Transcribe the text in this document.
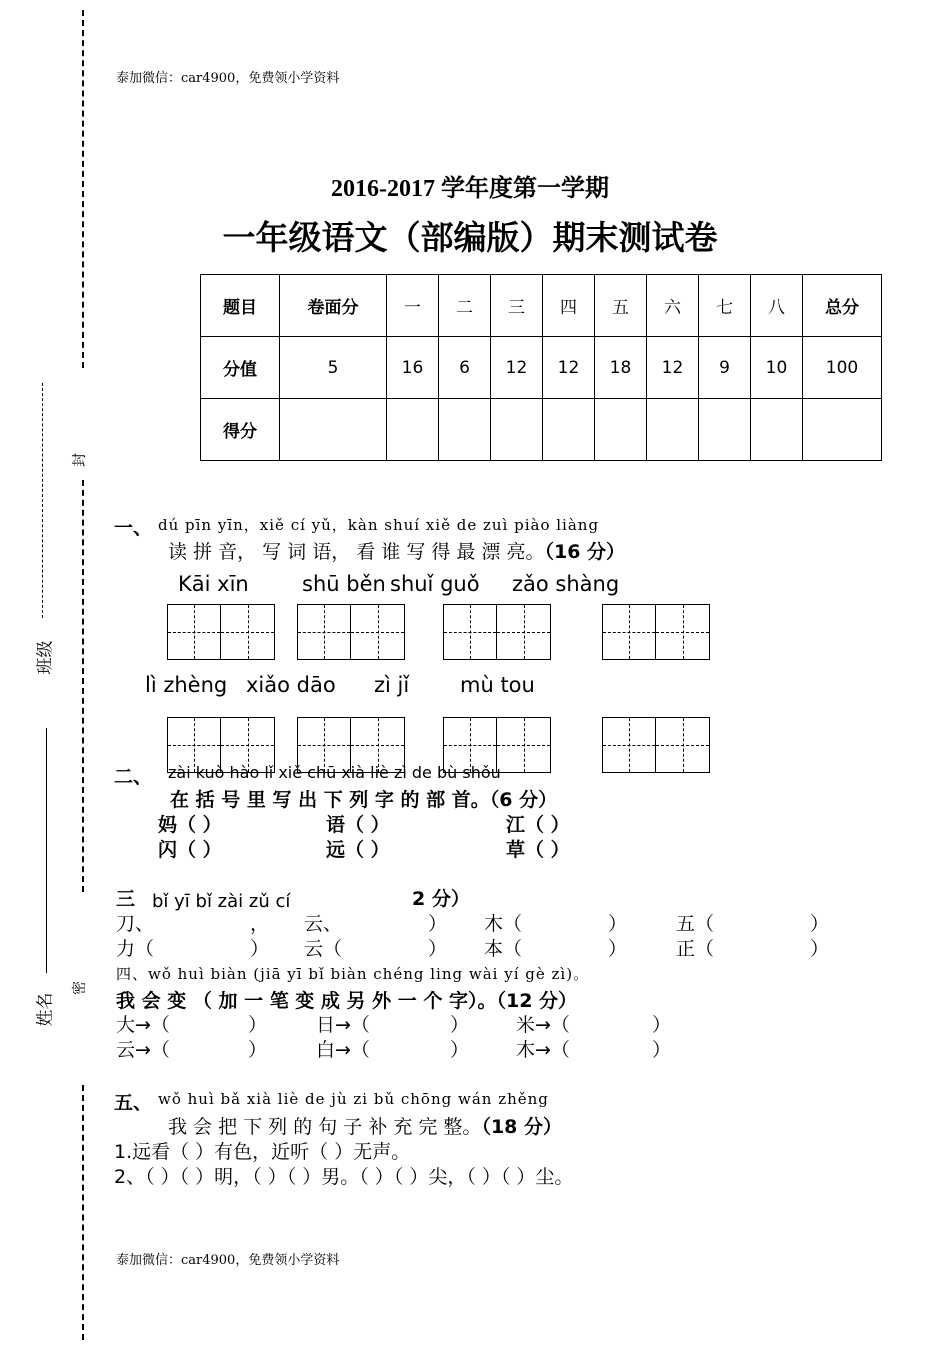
班级
姓名
封
密
泰加微信：car4900，免费领小学资料
2016-2017 学年度第一学期
一年级语文（部编版）期末测试卷
题目	卷面分	一	二	三	四	五	六	七	八	总分
分值	5	16	6	12	12	18	12	9	10	100
得分										
一、 dú pīn yīn，xiě cí yǔ，kàn shuí xiě de zuì piào liàng
读 拼 音， 写 词 语， 看 谁 写 得 最 漂 亮。（16 分）
Kāi xīn	shū běn shuǐ guǒ zǎo shàng
lì zhèng xiǎo dāo zì jǐ mù tou
二、 zài kuò hào lǐ xiě chū xià liè zì de bù shǒu
在 括 号 里 写 出 下 列 字 的 部 首。（6 分）
妈（ ）	语（ ）	江（ ）
闪（ ）	远（ ）	草（ ）
三 bǐ yī bǐ zài zǔ cí	2 分）
刀、	， 云、	） 木（	）	五（	）
力（	） 云（	） 本（	）	正（	）
四、wǒ huì biàn (jiā yī bǐ biàn chéng ling wài yí gè zì)。
我 会 变 （ 加 一 笔 变 成 另 外 一 个 字）。（12 分）
大→（	）	日→（	） 米→（	）
云→（	）	白→（	） 木→（	）
五、 wǒ huì bǎ xià liè de jù zi bǔ chōng wán zhěng
我 会 把 下 列 的 句 子 补 充 完 整。（18 分）
1.远看（ ）有色，近听（ ）无声。
2、（ ）（ ）明，（ ）（ ）男。（ ）（ ）尖，（ ）（ ）尘。
泰加微信：car4900，免费领小学资料
